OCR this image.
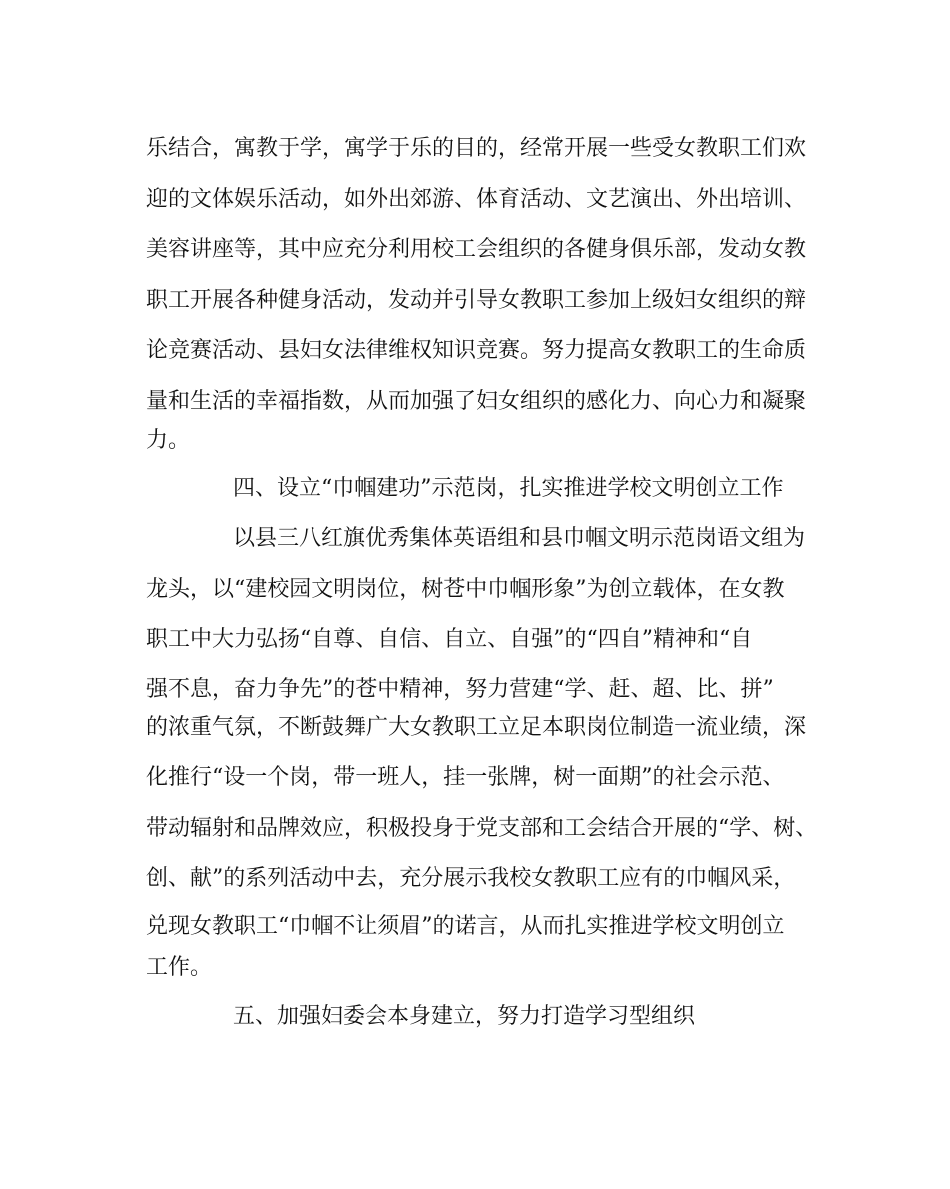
乐结合，寓教于学，寓学于乐的目的，经常开展一些受女教职工们欢
迎的文体娱乐活动，如外出郊游、体育活动、文艺演出、外出培训、
美容讲座等，其中应充分利用校工会组织的各健身俱乐部，发动女教
职工开展各种健身活动，发动并引导女教职工参加上级妇女组织的辩
论竞赛活动、县妇女法律维权知识竞赛。努力提高女教职工的生命质
量和生活的幸福指数，从而加强了妇女组织的感化力、向心力和凝聚
力。
四、设立“巾帼建功”示范岗，扎实推进学校文明创立工作
以县三八红旗优秀集体英语组和县巾帼文明示范岗语文组为
龙头，以“建校园文明岗位，树苍中巾帼形象”为创立载体，在女教
职工中大力弘扬“自尊、自信、自立、自强”的“四自”精神和“自
强不息，奋力争先”的苍中精神，努力营建“学、赶、超、比、拼”
的浓重气氛，不断鼓舞广大女教职工立足本职岗位制造一流业绩，深
化推行“设一个岗，带一班人，挂一张牌，树一面期”的社会示范、
带动辐射和品牌效应，积极投身于党支部和工会结合开展的“学、树、
创、献”的系列活动中去，充分展示我校女教职工应有的巾帼风采，
兑现女教职工“巾帼不让须眉”的诺言，从而扎实推进学校文明创立
工作。
五、加强妇委会本身建立，努力打造学习型组织
